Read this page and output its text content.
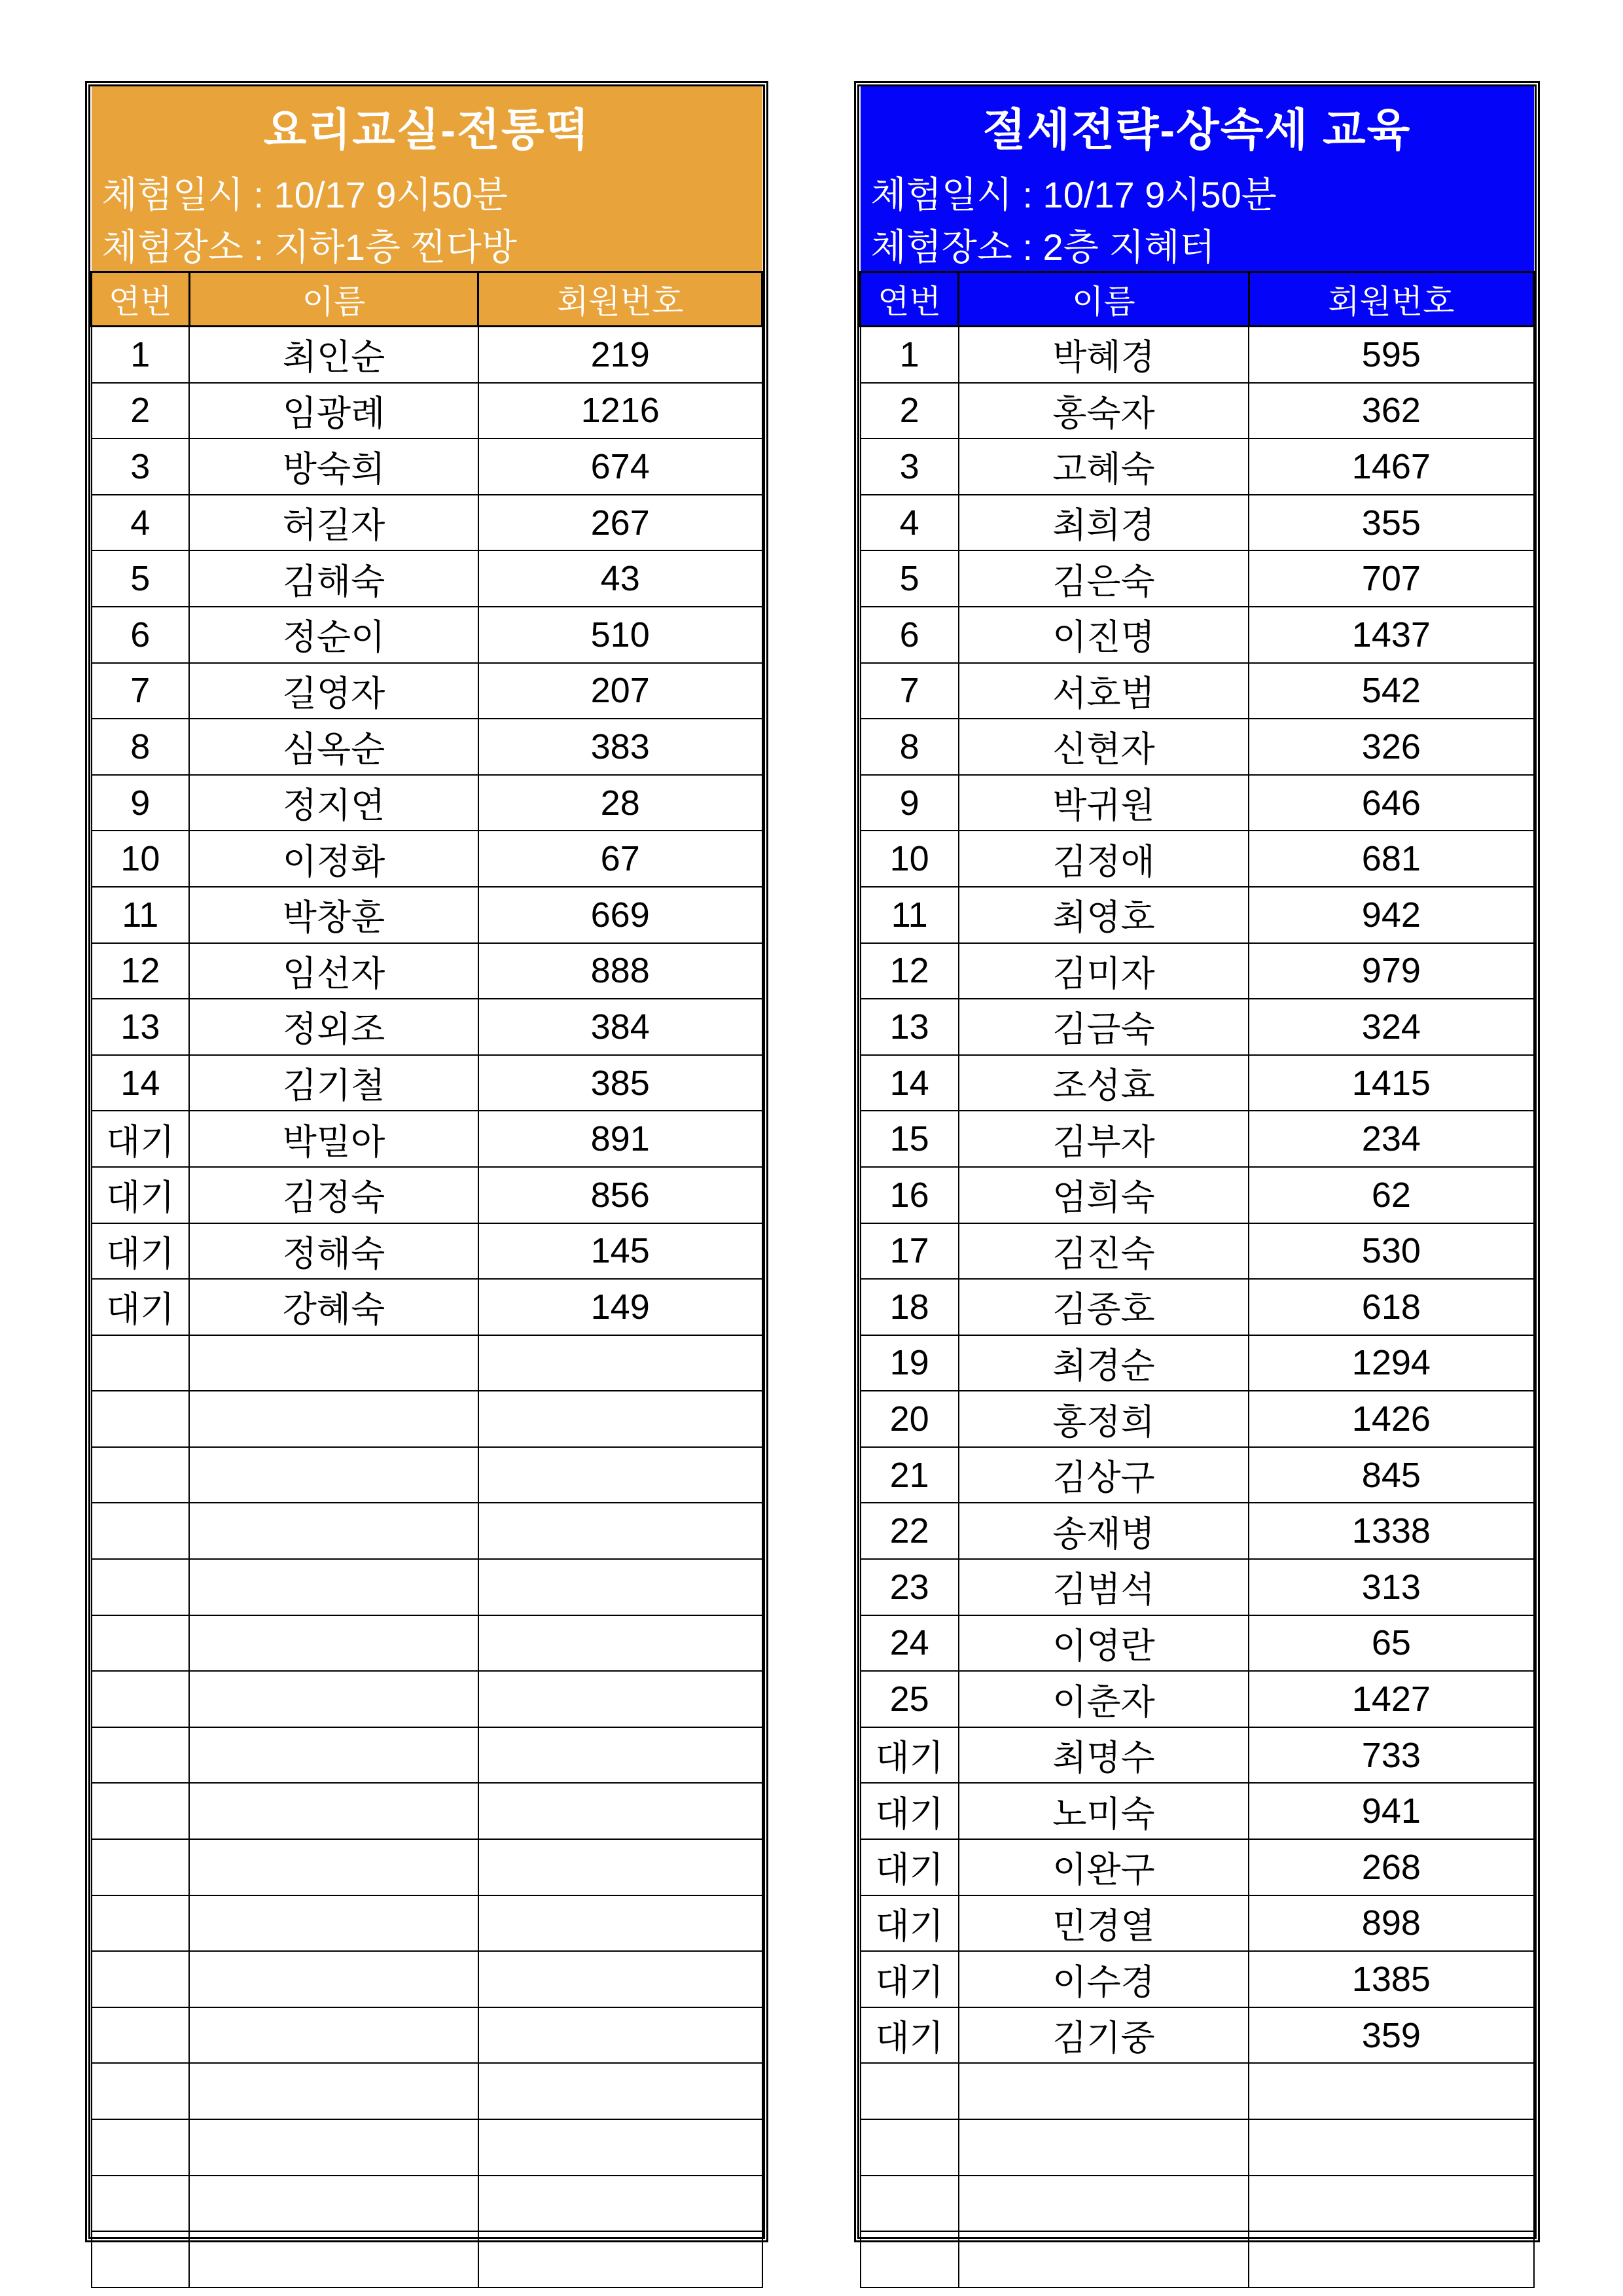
요리교실-전통떡		
체험일시 : 10/17 9시50분		
체험장소 : 지하1층 찐다방		
연번	이름	회원번호
1	최인순	219
2	임광례	1216
3	방숙희	674
4	허길자	267
5	김해숙	43
6	정순이	510
7	길영자	207
8	심옥순	383
9	정지연	28
10	이정화	67
11	박창훈	669
12	임선자	888
13	정외조	384
14	김기철	385
대기	박밀아	891
대기	김정숙	856
대기	정해숙	145
대기	강혜숙	149

절세전략-상속세 교육		
체험일시 : 10/17 9시50분		
체험장소 : 2층 지혜터		
연번	이름	회원번호
1	박혜경	595
2	홍숙자	362
3	고혜숙	1467
4	최희경	355
5	김은숙	707
6	이진명	1437
7	서호범	542
8	신현자	326
9	박귀원	646
10	김정애	681
11	최영호	942
12	김미자	979
13	김금숙	324
14	조성효	1415
15	김부자	234
16	엄희숙	62
17	김진숙	530
18	김종호	618
19	최경순	1294
20	홍정희	1426
21	김상구	845
22	송재병	1338
23	김범석	313
24	이영란	65
25	이춘자	1427
대기	최명수	733
대기	노미숙	941
대기	이완구	268
대기	민경열	898
대기	이수경	1385
대기	김기중	359
